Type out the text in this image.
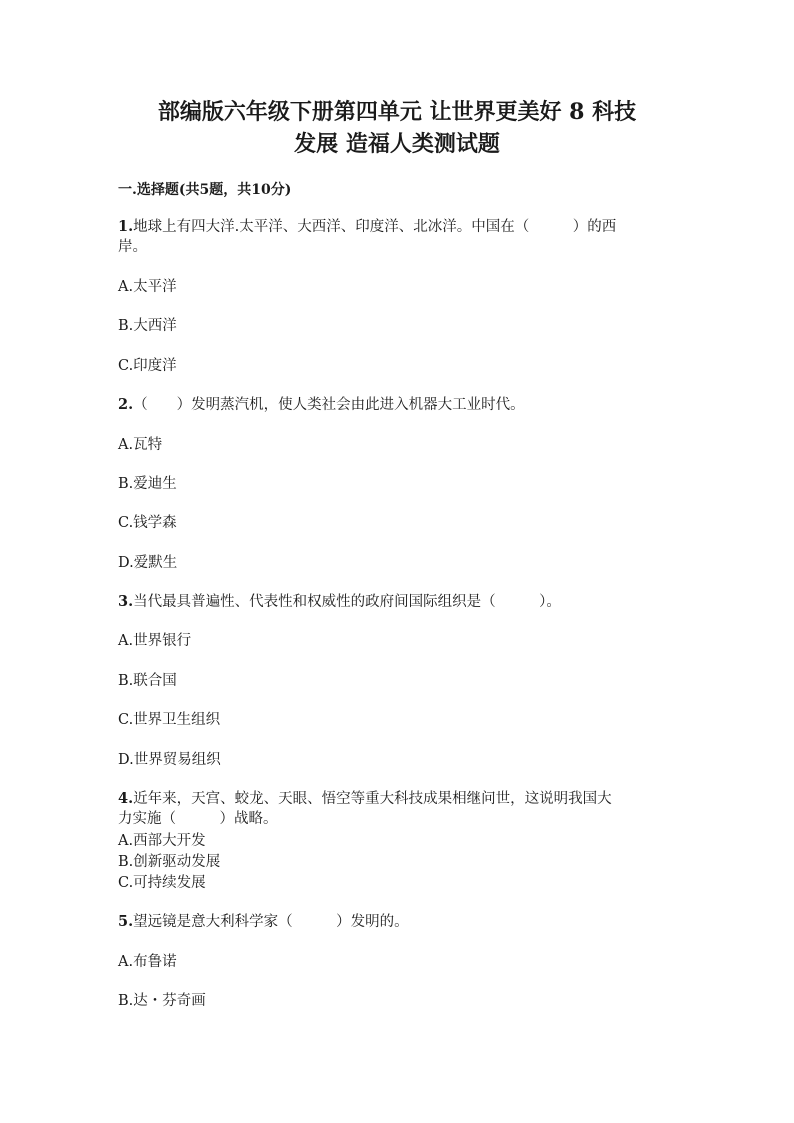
部编版六年级下册第四单元 让世界更美好 8 科技
发展 造福人类测试题

一.选择题(共5题，共10分)

1.地球上有四大洋.太平洋、大西洋、印度洋、北冰洋。中国在（　　　）的西

岸。

A.太平洋

B.大西洋

C.印度洋

2.（　　）发明蒸汽机，使人类社会由此进入机器大工业时代。

A.瓦特

B.爱迪生

C.钱学森

D.爱默生

3.当代最具普遍性、代表性和权威性的政府间国际组织是（　　　）。

A.世界银行

B.联合国

C.世界卫生组织

D.世界贸易组织

4.近年来，天宫、蛟龙、天眼、悟空等重大科技成果相继问世，这说明我国大

力实施（　　　）战略。

A.西部大开发

B.创新驱动发展

C.可持续发展

5.望远镜是意大利科学家（　　　）发明的。

A.布鲁诺

B.达・芬奇画
